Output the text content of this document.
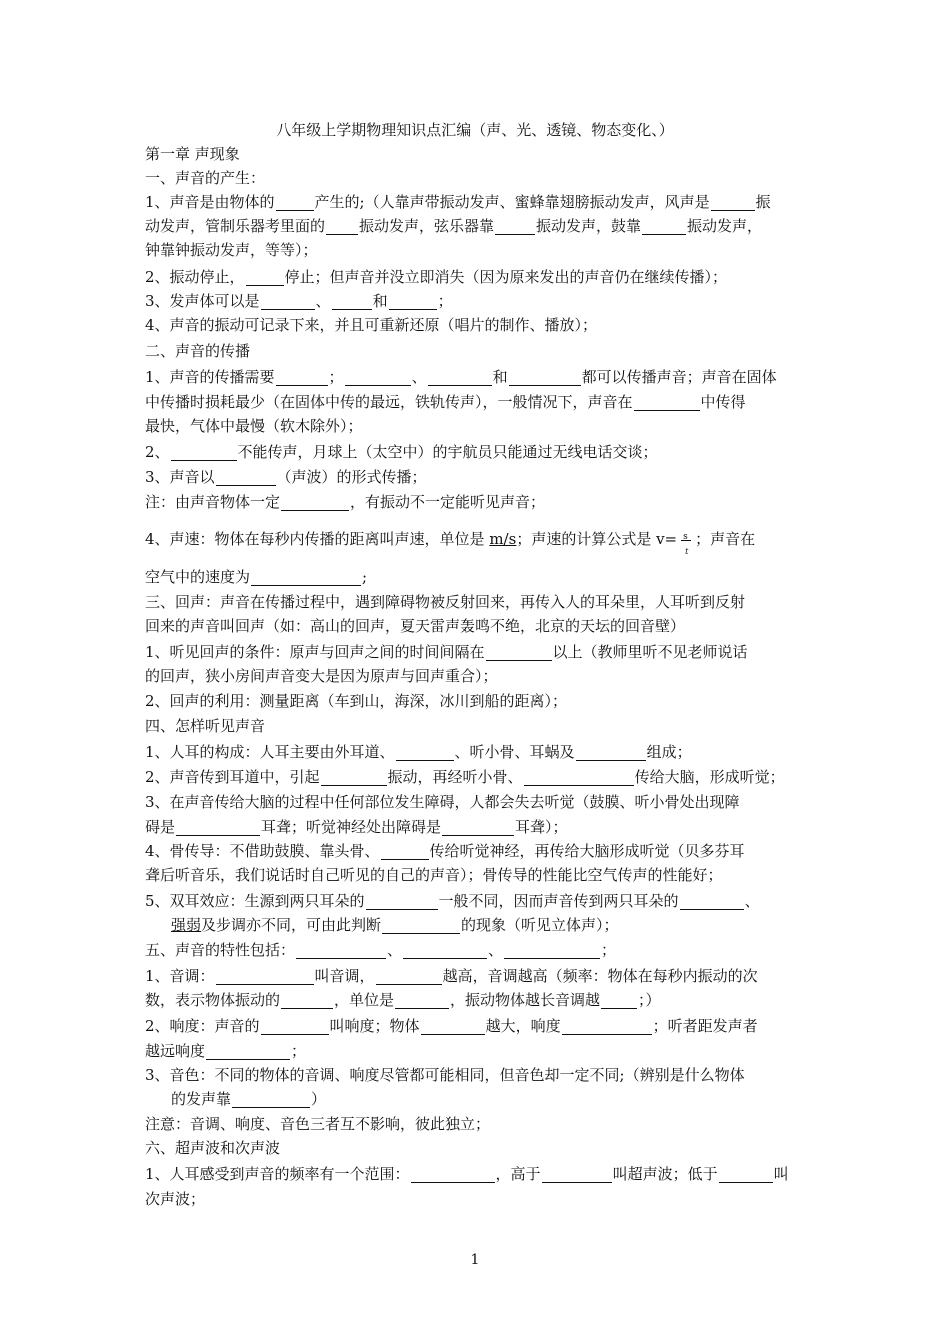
八年级上学期物理知识点汇编（声、光、透镜、物态变化、）
第一章 声现象
一、声音的产生：
1、声音是由物体的	产生的;（人靠声带振动发声、蜜蜂靠翅膀振动发声，风声是	振
动发声，管制乐器考里面的 振动发声，弦乐器靠	振动发声，鼓靠	振动发声，
钟靠钟振动发声，等等）；
2、振动停止，	停止；但声音并没立即消失（因为原来发出的声音仍在继续传播）；
3、发声体可以是	、	和	；
4、声音的振动可记录下来，并且可重新还原（唱片的制作、播放）；
二、声音的传播
1、声音的传播需要	；	、	和	都可以传播声音；声音在固体
中传播时损耗最少（在固体中传的最远，铁轨传声），一般情况下，声音在	中传得
最快，气体中最慢（软木除外）；
2、	不能传声，月球上（太空中）的宇航员只能通过无线电话交谈；
3、声音以	（声波）的形式传播；
注：由声音物体一定	，有振动不一定能听见声音；
4、声速：物体在每秒内传播的距离叫声速，单位是 m/s；声速的计算公式是 v= s
t
；声音在
空气中的速度为	;
三、回声：声音在传播过程中，遇到障碍物被反射回来，再传入人的耳朵里，人耳听到反射
回来的声音叫回声（如：高山的回声，夏天雷声轰鸣不绝，北京的天坛的回音壁）
1、听见回声的条件：原声与回声之间的时间间隔在	以上（教师里听不见老师说话
的回声，狭小房间声音变大是因为原声与回声重合）；
2、回声的利用：测量距离（车到山，海深，冰川到船的距离）；
四、怎样听见声音
1、人耳的构成：人耳主要由外耳道、	、听小骨、耳蜗及	组成；
2、声音传到耳道中，引起	振动，再经听小骨、	传给大脑，形成听觉；
3、在声音传给大脑的过程中任何部位发生障碍，人都会失去听觉（鼓膜、听小骨处出现障
碍是	耳聋；听觉神经处出障碍是	耳聋）；
4、骨传导：不借助鼓膜、靠头骨、	传给听觉神经，再传给大脑形成听觉（贝多芬耳
聋后听音乐，我们说话时自己听见的自己的声音）；骨传导的性能比空气传声的性能好；
5、双耳效应：生源到两只耳朵的	一般不同，因而声音传到两只耳朵的	、
强弱及步调亦不同，可由此判断	的现象（听见立体声）；
五、声音的特性包括：	、	、	；
1、音调：	叫音调，	越高，音调越高（频率：物体在每秒内振动的次
数，表示物体振动的	，单位是	，振动物体越长音调越	；）
2、响度：声音的	叫响度；物体	越大，响度	；听者距发声者
越远响度	；
3、音色：不同的物体的音调、响度尽管都可能相同，但音色却一定不同;（辨别是什么物体
的发声靠	）
注意：音调、响度、音色三者互不影响，彼此独立；
六、超声波和次声波
1、人耳感受到声音的频率有一个范围：	，高于	叫超声波；低于	叫
次声波；
1
